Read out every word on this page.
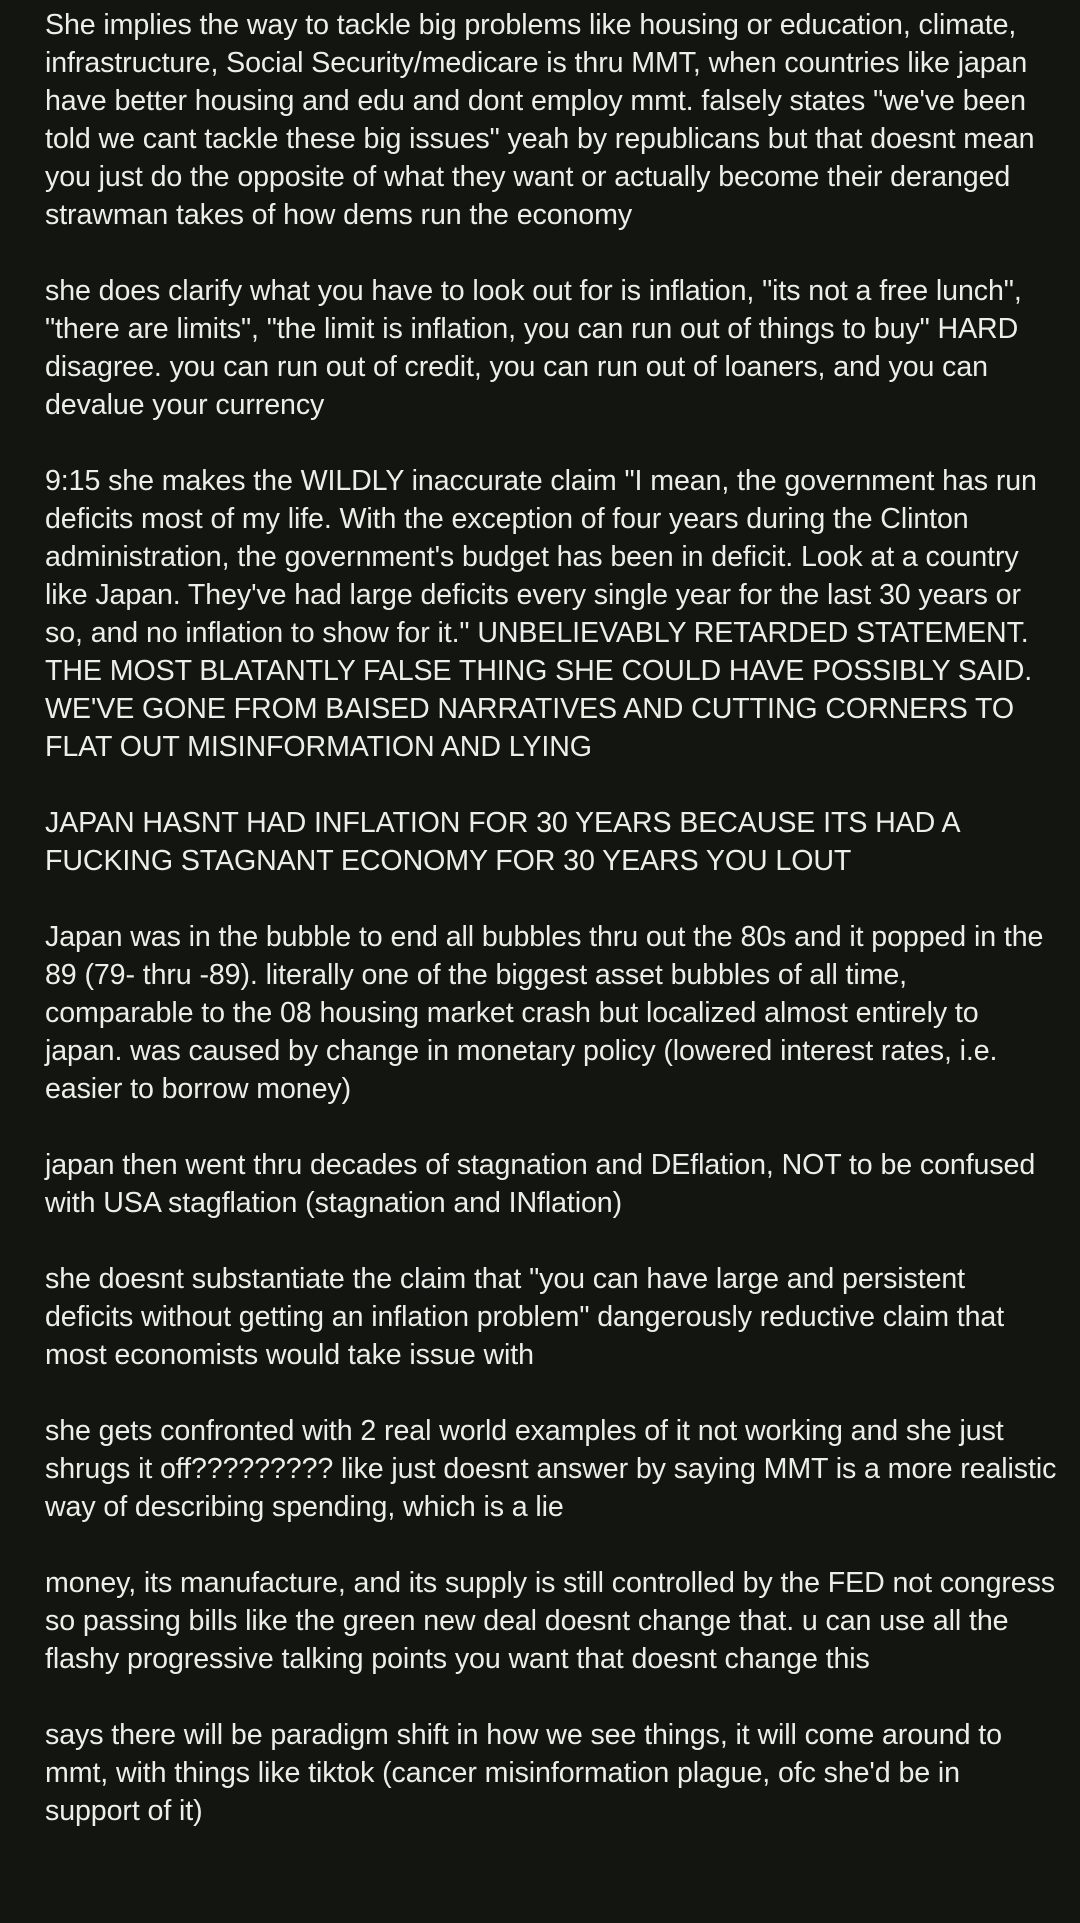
She implies the way to tackle big problems like housing or education, climate, infrastructure, Social Security/medicare is thru MMT, when countries like japan have better housing and edu and dont employ mmt. falsely states "we've been told we cant tackle these big issues" yeah by republicans but that doesnt mean you just do the opposite of what they want or actually become their deranged strawman takes of how dems run the economy

she does clarify what you have to look out for is inflation, "its not a free lunch", "there are limits", "the limit is inflation, you can run out of things to buy" HARD disagree. you can run out of credit, you can run out of loaners, and you can devalue your currency

9:15 she makes the WILDLY inaccurate claim "I mean, the government has run deficits most of my life. With the exception of four years during the Clinton administration, the government's budget has been in deficit. Look at a country like Japan. They've had large deficits every single year for the last 30 years or so, and no inflation to show for it." UNBELIEVABLY RETARDED STATEMENT. THE MOST BLATANTLY FALSE THING SHE COULD HAVE POSSIBLY SAID. WE'VE GONE FROM BAISED NARRATIVES AND CUTTING CORNERS TO FLAT OUT MISINFORMATION AND LYING

JAPAN HASNT HAD INFLATION FOR 30 YEARS BECAUSE ITS HAD A FUCKING STAGNANT ECONOMY FOR 30 YEARS YOU LOUT

Japan was in the bubble to end all bubbles thru out the 80s and it popped in the 89 (79- thru -89). literally one of the biggest asset bubbles of all time, comparable to the 08 housing market crash but localized almost entirely to japan. was caused by change in monetary policy (lowered interest rates, i.e. easier to borrow money)

japan then went thru decades of stagnation and DEflation, NOT to be confused with USA stagflation (stagnation and INflation)

she doesnt substantiate the claim that "you can have large and persistent deficits without getting an inflation problem" dangerously reductive claim that most economists would take issue with

she gets confronted with 2 real world examples of it not working and she just shrugs it off????????? like just doesnt answer by saying MMT is a more realistic way of describing spending, which is a lie

money, its manufacture, and its supply is still controlled by the FED not congress so passing bills like the green new deal doesnt change that. u can use all the flashy progressive talking points you want that doesnt change this

says there will be paradigm shift in how we see things, it will come around to mmt, with things like tiktok (cancer misinformation plague, ofc she'd be in support of it)
